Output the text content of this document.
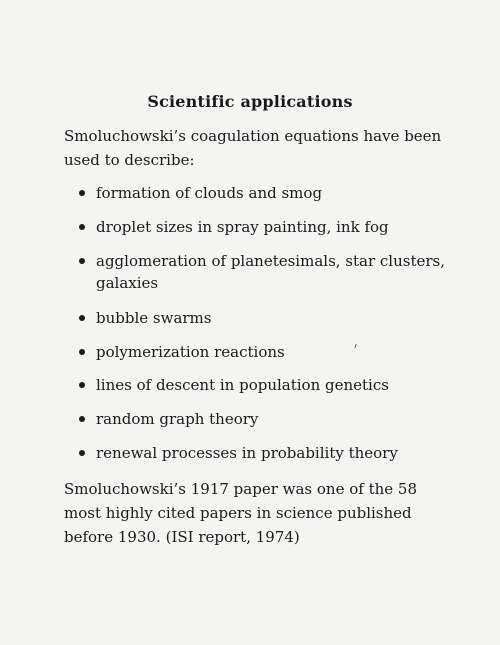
Scientific applications
Smoluchowski’s coagulation equations have been used to describe:
formation of clouds and smog
droplet sizes in spray painting, ink fog
agglomeration of planetesimals, star clusters, galaxies
bubble swarms
polymerization reactions
lines of descent in population genetics
random graph theory
renewal processes in probability theory
Smoluchowski’s 1917 paper was one of the 58 most highly cited papers in science published before 1930. (ISI report, 1974)
